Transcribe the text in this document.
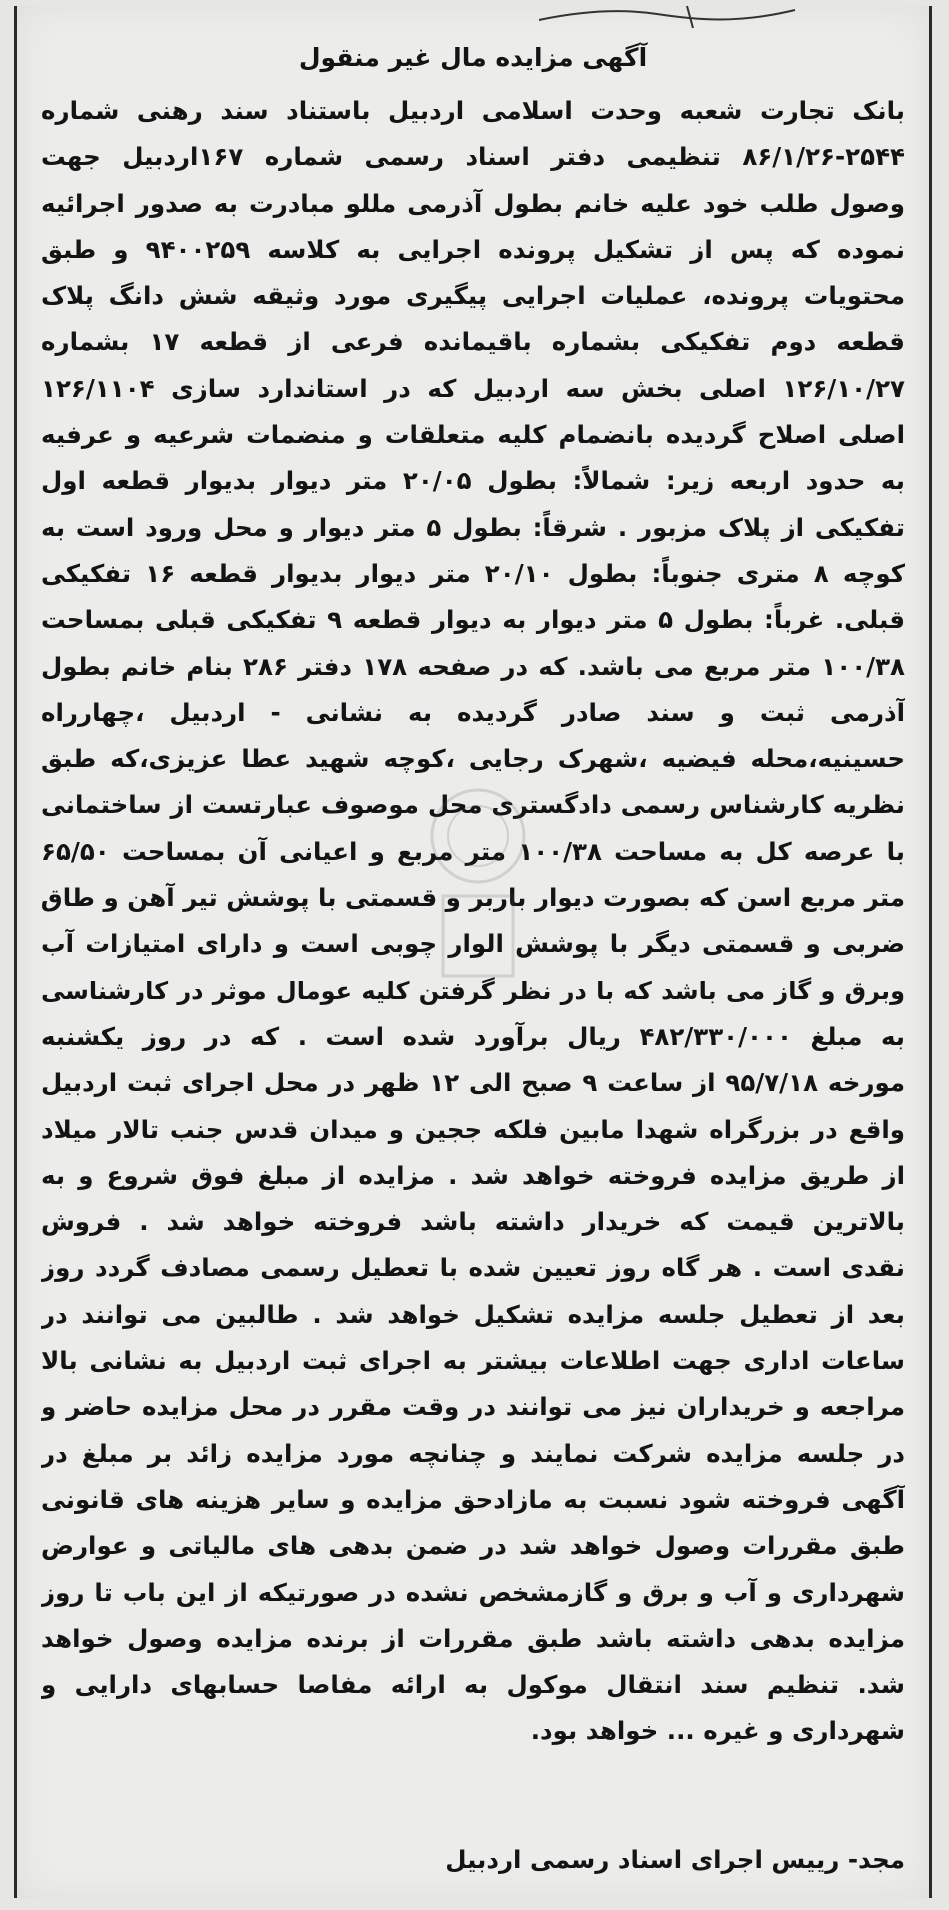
آگهی مزایده مال غیر منقول
بانک تجارت شعبه وحدت اسلامی اردبیل باستناد سند رهنی شماره
۸۶/۱/۲۶-۲۵۴۴ تنظیمی دفتر اسناد رسمی شماره ۱۶۷اردبیل جهت
وصول طلب خود علیه خانم بطول آذرمی مللو مبادرت به صدور اجرائیه
نموده که پس از تشکیل پرونده اجرایی به کلاسه ۹۴۰۰۲۵۹ و طبق
محتویات پرونده، عملیات اجرایی پیگیری مورد وثیقه شش دانگ پلاک
قطعه دوم تفکیکی بشماره باقیمانده فرعی از قطعه ۱۷ بشماره
۱۲۶/۱۰/۲۷ اصلی بخش سه اردبیل که در استاندارد سازی ۱۲۶/۱۱۰۴
اصلی اصلاح گردیده بانضمام کلیه متعلقات و منضمات شرعیه و عرفیه
به حدود اربعه زیر: شمالاً: بطول ۲۰/۰۵ متر دیوار بدیوار قطعه اول
تفکیکی از پلاک مزبور . شرقاً: بطول ۵ متر دیوار و محل ورود است به
کوچه ۸ متری جنوباً: بطول ۲۰/۱۰ متر دیوار بدیوار قطعه ۱۶ تفکیکی
قبلی. غرباً: بطول ۵ متر دیوار به دیوار قطعه ۹ تفکیکی قبلی بمساحت
۱۰۰/۳۸ متر مربع می باشد. که در صفحه ۱۷۸ دفتر ۲۸۶ بنام خانم بطول
آذرمی ثبت و سند صادر گردیده به نشانی - اردبیل ،چهارراه
حسینیه،محله فیضیه ،شهرک رجایی ،کوچه شهید عطا عزیزی،که طبق
نظریه کارشناس رسمی دادگستری محل موصوف عبارتست از ساختمانی
با عرصه کل به مساحت ۱۰۰/۳۸ متر مربع و اعیانی آن بمساحت ۶۵/۵۰
متر مربع اسن که بصورت دیوار باربر و قسمتی با پوشش تیر آهن و طاق
ضربی و قسمتی دیگر با پوشش الوار چوبی است و دارای امتیازات آب
وبرق و گاز می باشد که با در نظر گرفتن کلیه عومال موثر در کارشناسی
به مبلغ ۴۸۲/۳۳۰/۰۰۰ ریال برآورد شده است . که در روز یکشنبه
مورخه ۹۵/۷/۱۸ از ساعت ۹ صبح الی ۱۲ ظهر در محل اجرای ثبت اردبیل
واقع در بزرگراه شهدا مابین فلکه ججین و میدان قدس جنب تالار میلاد
از طریق مزایده فروخته خواهد شد . مزایده از مبلغ فوق شروع و به
بالاترین قیمت که خریدار داشته باشد فروخته خواهد شد . فروش
نقدی است . هر گاه روز تعیین شده با تعطیل رسمی مصادف گردد روز
بعد از تعطیل جلسه مزایده تشکیل خواهد شد . طالبین می توانند در
ساعات اداری جهت اطلاعات بیشتر به اجرای ثبت اردبیل به نشانی بالا
مراجعه و خریداران نیز می توانند در وقت مقرر در محل مزایده حاضر و
در جلسه مزایده شرکت نمایند و چنانچه مورد مزایده زائد بر مبلغ در
آگهی فروخته شود نسبت به مازادحق مزایده و سایر هزینه های قانونی
طبق مقررات وصول خواهد شد در ضمن بدهی های مالیاتی و عوارض
شهرداری و آب و برق و گازمشخص نشده در صورتیکه از این باب تا روز
مزایده بدهی داشته باشد طبق مقررات از برنده مزایده وصول خواهد
شد. تنظیم سند انتقال موکول به ارائه مفاصا حسابهای دارایی و
شهرداری و غیره ... خواهد بود.
مجد- رییس اجرای اسناد رسمی اردبیل
